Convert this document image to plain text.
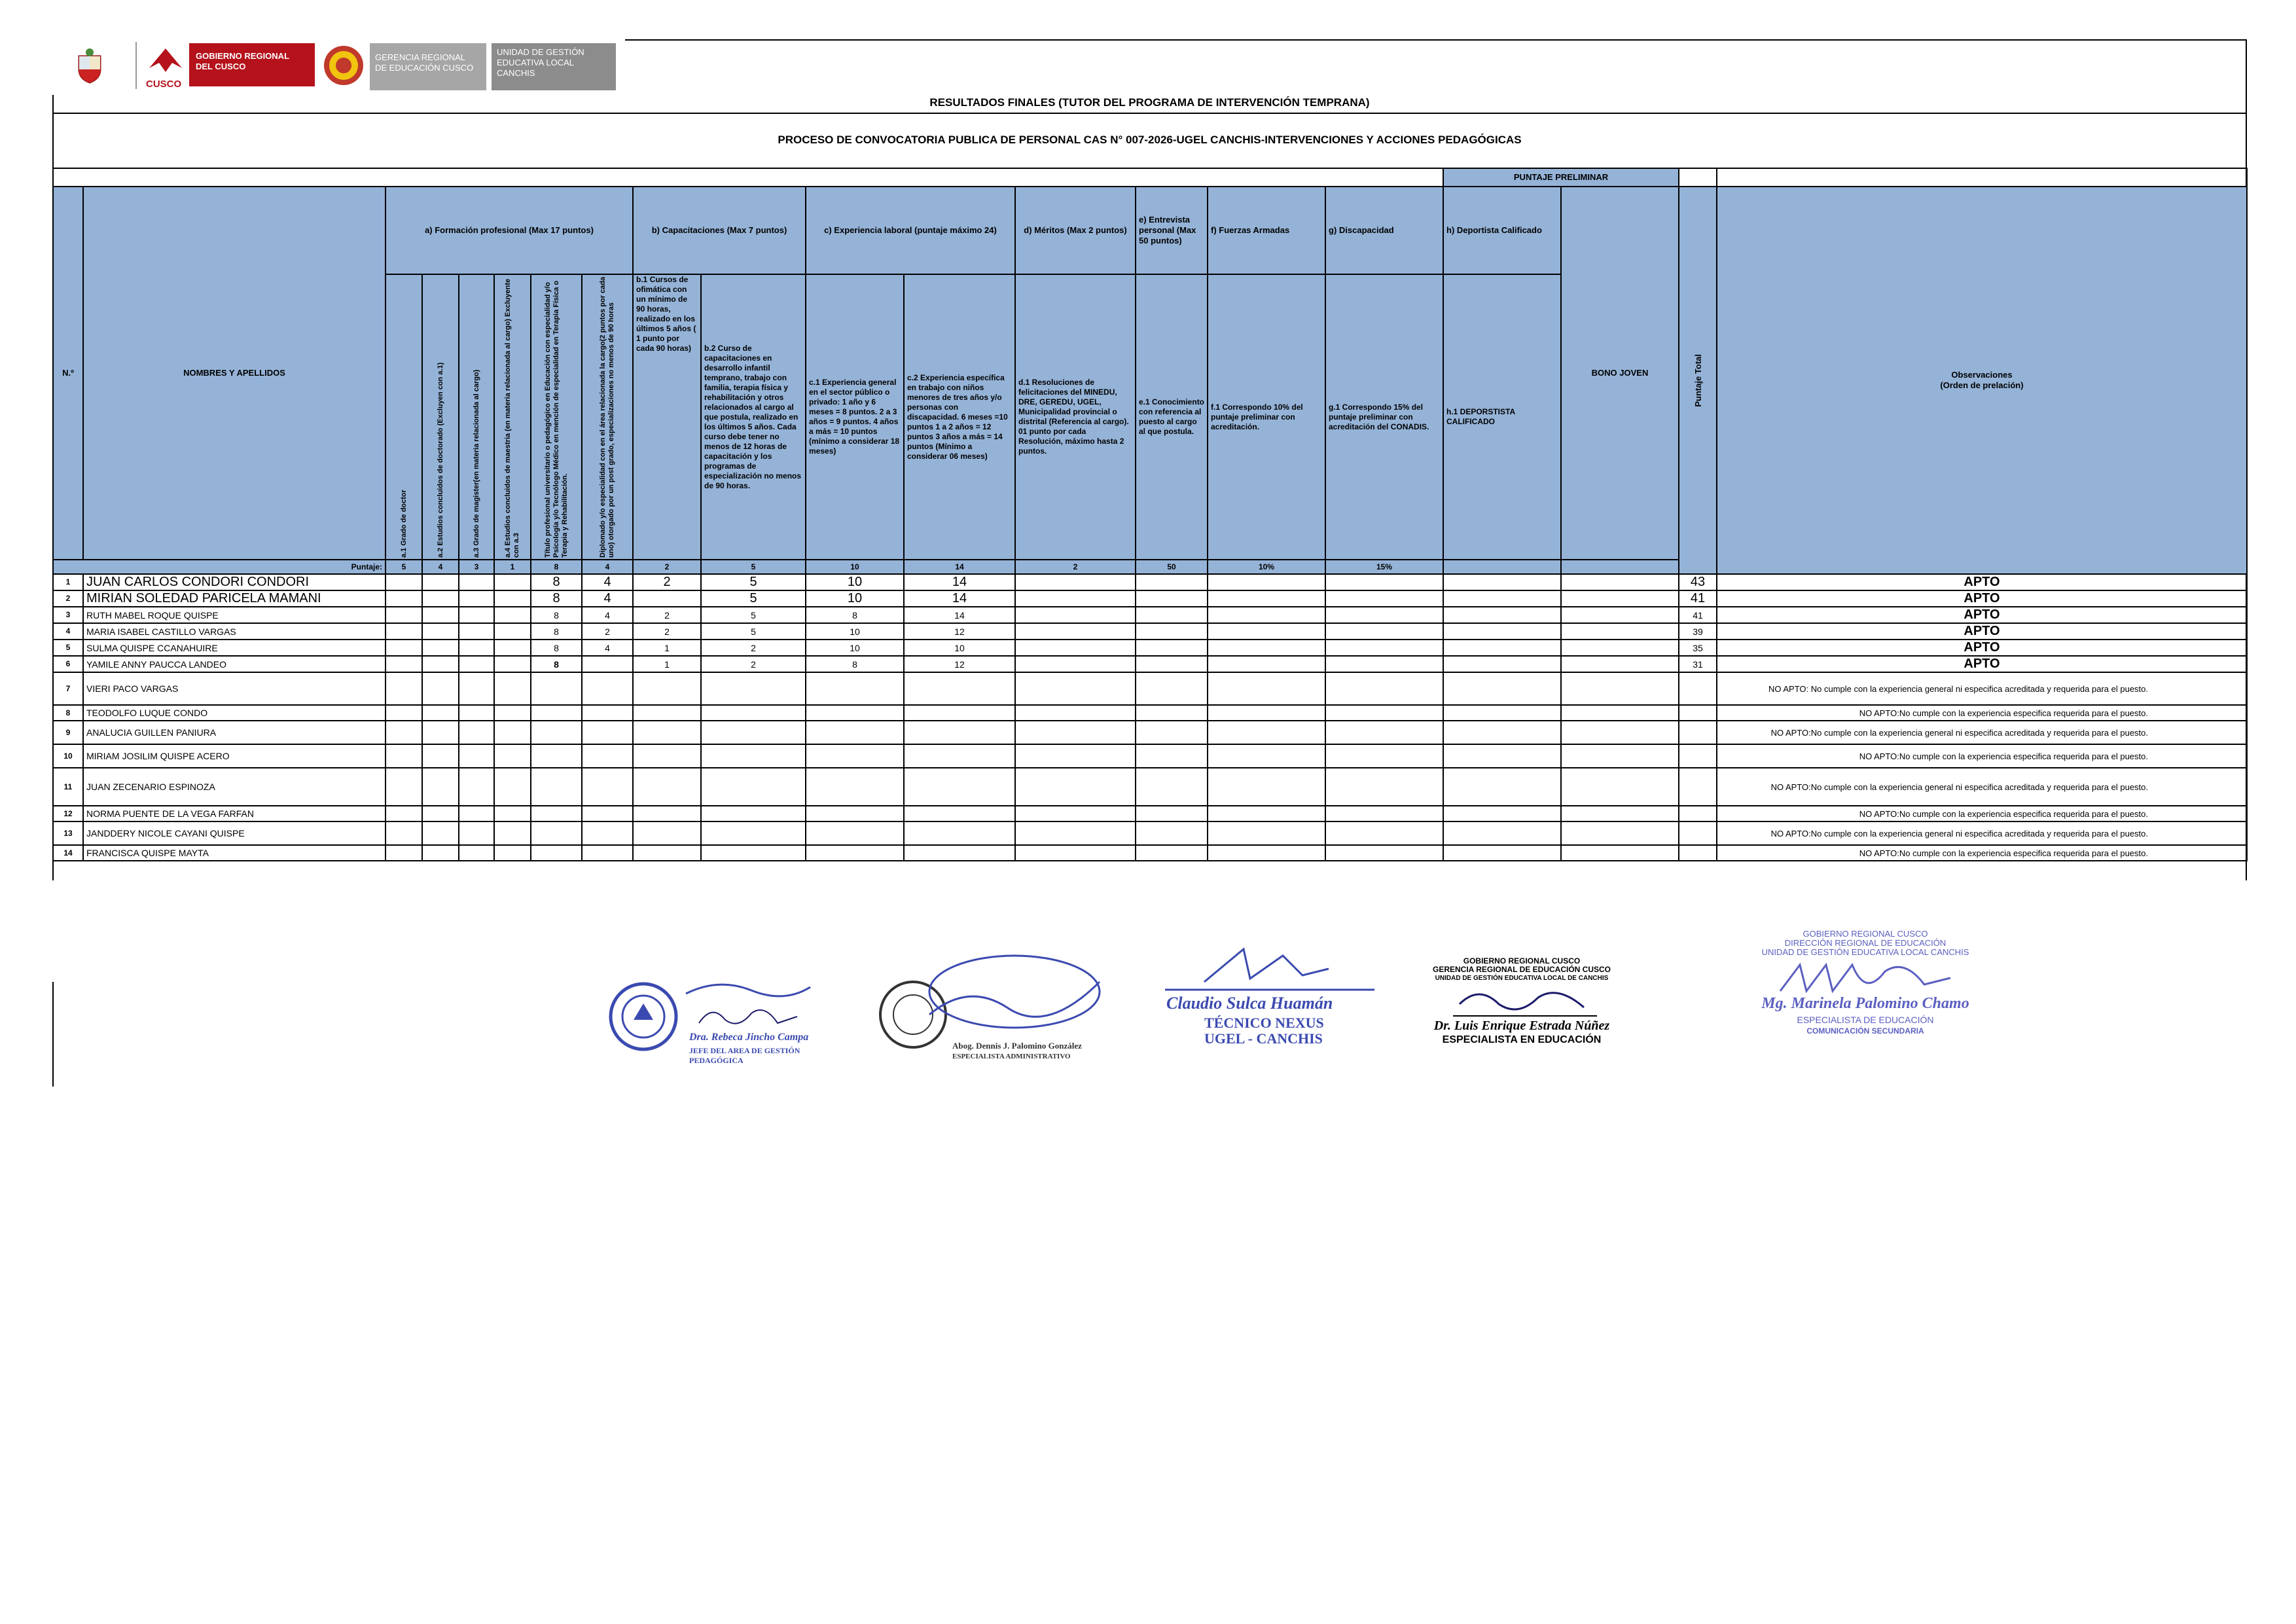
CUSCO
GOBIERNO REGIONAL
DEL CUSCO
GERENCIA REGIONAL
DE EDUCACIÓN CUSCO
UNIDAD DE GESTIÓN
EDUCATIVA LOCAL
CANCHIS
RESULTADOS FINALES (TUTOR DEL PROGRAMA DE INTERVENCIÓN TEMPRANA)
PROCESO DE CONVOCATORIA PUBLICA DE PERSONAL CAS N° 007-2026-UGEL CANCHIS-INTERVENCIONES Y ACCIONES PEDAGÓGICAS
																PUNTAJE PRELIMINAR			
N.º	NOMBRES Y APELLIDOS	a) Formación profesional (Max 17 puntos)						b) Capacitaciones (Max 7 puntos)		c) Experiencia laboral (puntaje máximo 24)		d) Méritos (Max 2 puntos)	e) Entrevista personal (Max 50 puntos)	f) Fuerzas Armadas	g) Discapacidad	h) Deportista Calificado	BONO JOVEN	Puntaje Total	Observaciones
(Orden de prelación)

		a.1 Grado de doctor	a.2 Estudios concluidos de doctorado (Excluyen con a.1)	a.3 Grado de magister(en materia relacionada al cargo)	a.4 Estudios concluidos de maestria (en materia relacionada al cargo) Excluyente con a.3	Título profesional universitario o pedagógico en Educación con especialidad y/o Psicología y/o Tecnólogo Médico en mención de especialidad en Terapia Física o Terapia y Rehabilitación.	Diplomado y/o especialidad con en el área relacionada la cargo(2 puntos por cada uno) otorgado por un post grado, especializaciones no menos de 90 horas	b.1 Cursos de ofimática con un mínimo de 90 horas, realizado en los últimos 5 años ( 1 punto por cada 90 horas)	b.2 Curso de capacitaciones en desarrollo infantil temprano, trabajo con familia, terapia física y rehabilitación y otros relacionados al cargo al que postula, realizado en los últimos 5 años. Cada curso debe tener no menos de 12 horas de capacitación y los programas de especialización no menos de 90 horas.	c.1 Experiencia general en el sector público o privado: 1 año y 6 meses = 8 puntos. 2 a 3 años = 9 puntos. 4 años a más = 10 puntos (mínimo a considerar 18 meses)	c.2 Experiencia específica en trabajo con niños menores de tres años y/o personas con discapacidad. 6 meses =10 puntos 1 a 2 años = 12 puntos 3 años a más = 14 puntos (Mínimo a considerar 06 meses)	d.1 Resoluciones de felicitaciones del MINEDU, DRE, GEREDU, UGEL, Municipalidad provincial o distrital (Referencia al cargo). 01 punto por cada Resolución, máximo hasta 2 puntos.	e.1 Conocimiento con referencia al puesto al cargo al que postula.	f.1 Correspondo 10% del puntaje preliminar con acreditación.	g.1 Correspondo 15% del puntaje preliminar con acreditación del CONADIS.	h.1 DEPORSTISTA CALIFICADO			
Puntaje:		5	4	3	1	8	4	2	5	10	14	2	50	10%	15%				
1	JUAN CARLOS CONDORI CONDORI					8	4	2	5	10	14							43	APTO
2	MIRIAN SOLEDAD PARICELA MAMANI					8	4		5	10	14							41	APTO
3	RUTH MABEL ROQUE QUISPE					8	4	2	5	8	14							41	APTO
4	MARIA ISABEL CASTILLO VARGAS					8	2	2	5	10	12							39	APTO
5	SULMA QUISPE CCANAHUIRE					8	4	1	2	10	10							35	APTO
6	YAMILE ANNY PAUCCA LANDEO					8		1	2	8	12							31	APTO
7	VIERI PACO VARGAS																		NO APTO: No cumple con la experiencia general ni especifica acreditada y requerida para el puesto.
8	TEODOLFO LUQUE CONDO																		NO APTO:No cumple con la experiencia especifica requerida para el puesto.
9	ANALUCIA GUILLEN PANIURA																		NO APTO:No cumple con la experiencia general ni especifica acreditada y requerida para el puesto.
10	MIRIAM JOSILIM QUISPE ACERO																		NO APTO:No cumple con la experiencia especifica requerida para el puesto.
11	JUAN ZECENARIO ESPINOZA																		NO APTO:No cumple con la experiencia general ni especifica acreditada y requerida para el puesto.
12	NORMA PUENTE DE LA VEGA FARFAN																		NO APTO:No cumple con la experiencia especifica requerida para el puesto.
13	JANDDERY NICOLE CAYANI QUISPE																		NO APTO:No cumple con la experiencia general ni especifica acreditada y requerida para el puesto.
14	FRANCISCA QUISPE MAYTA																		NO APTO:No cumple con la experiencia especifica requerida para el puesto.
Dra. Rebeca Jincho Campa
JEFE DEL AREA DE GESTIÓN PEDAGÓGICA
Abog. Dennis J. Palomino González
ESPECIALISTA ADMINISTRATIVO
Claudio Sulca Huamán
TÉCNICO NEXUS
UGEL - CANCHIS
GOBIERNO REGIONAL CUSCO
GERENCIA REGIONAL DE EDUCACIÓN CUSCO
UNIDAD DE GESTIÓN EDUCATIVA LOCAL DE CANCHIS
Dr. Luis Enrique Estrada Núñez
ESPECIALISTA EN EDUCACIÓN
GOBIERNO REGIONAL CUSCO
DIRECCIÓN REGIONAL DE EDUCACIÓN
UNIDAD DE GESTIÓN EDUCATIVA LOCAL CANCHIS
Mg. Marinela Palomino Chamo
ESPECIALISTA DE EDUCACIÓN
COMUNICACIÓN SECUNDARIA
